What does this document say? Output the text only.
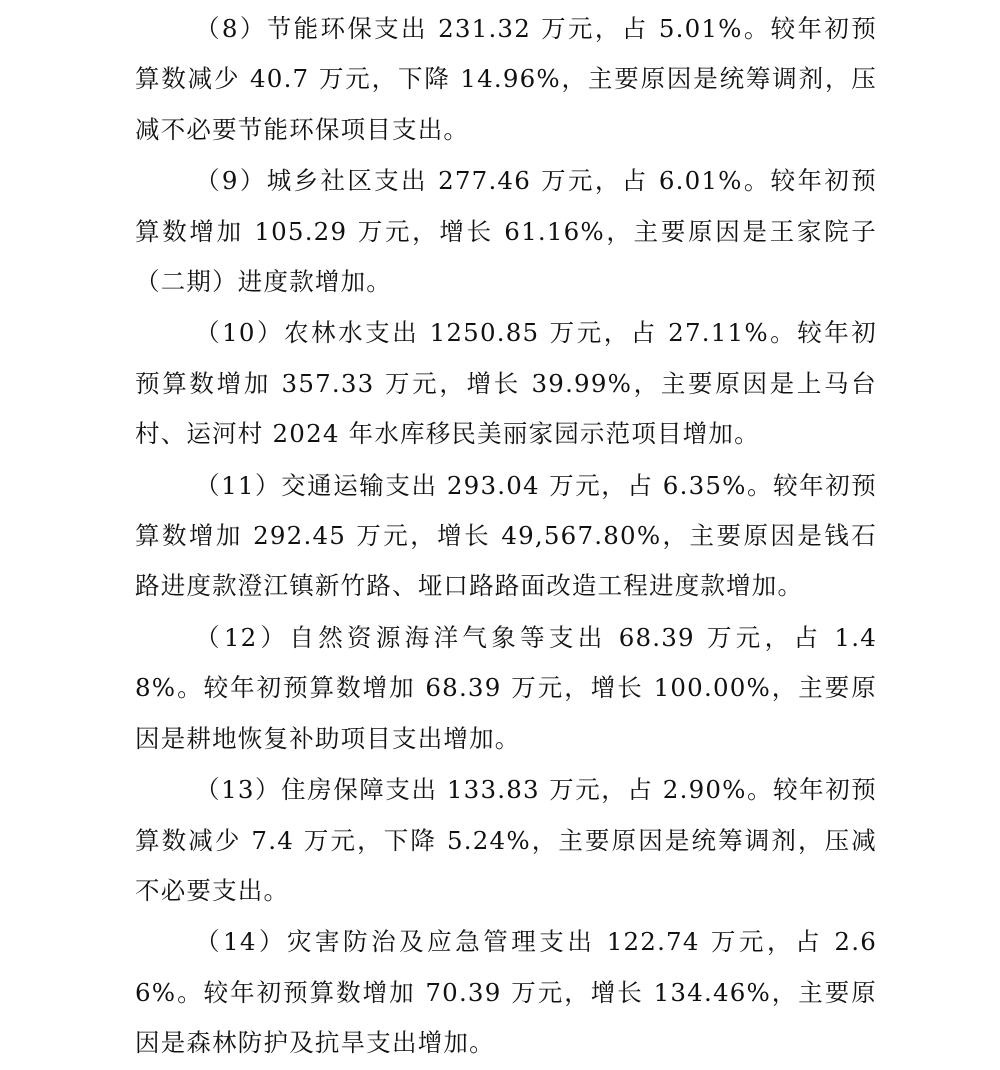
（8）节能环保支出 231.32 万元，占 5.01%。较年初预算数减少 40.7 万元，下降 14.96%，主要原因是统筹调剂，压减不必要节能环保项目支出。

（9）城乡社区支出 277.46 万元，占 6.01%。较年初预算数增加 105.29 万元，增长 61.16%，主要原因是王家院子（二期）进度款增加。

（10）农林水支出 1250.85 万元，占 27.11%。较年初预算数增加 357.33 万元，增长 39.99%，主要原因是上马台村、运河村 2024 年水库移民美丽家园示范项目增加。

（11）交通运输支出 293.04 万元，占 6.35%。较年初预算数增加 292.45 万元，增长 49,567.80%，主要原因是钱石路进度款澄江镇新竹路、垭口路路面改造工程进度款增加。

（12）自然资源海洋气象等支出 68.39 万元，占 1.48%。较年初预算数增加 68.39 万元，增长 100.00%，主要原因是耕地恢复补助项目支出增加。

（13）住房保障支出 133.83 万元，占 2.90%。较年初预算数减少 7.4 万元，下降 5.24%，主要原因是统筹调剂，压减不必要支出。

（14）灾害防治及应急管理支出 122.74 万元，占 2.66%。较年初预算数增加 70.39 万元，增长 134.46%，主要原因是森林防护及抗旱支出增加。
